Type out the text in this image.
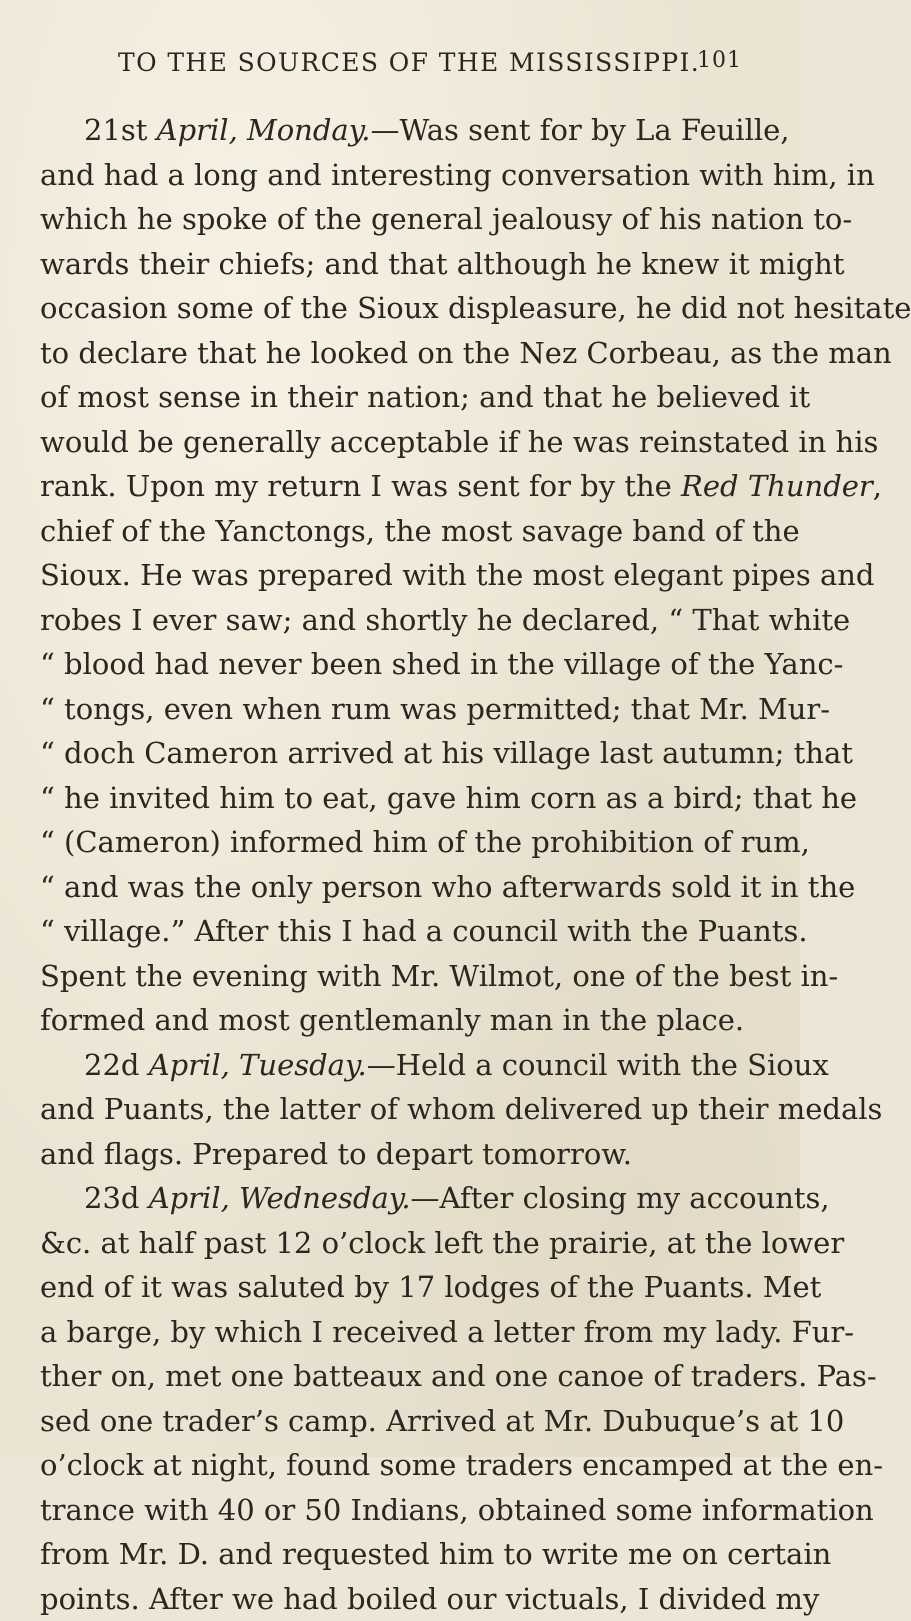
TO THE SOURCES OF THE MISSISSIPPI.
101
21st April, Monday.—Was sent for by La Feuille,
and had a long and interesting conversation with him, in
which he spoke of the general jealousy of his nation to-
wards their chiefs; and that although he knew it might
occasion some of the Sioux displeasure, he did not hesitate
to declare that he looked on the Nez Corbeau, as the man
of most sense in their nation; and that he believed it
would be generally acceptable if he was reinstated in his
rank. Upon my return I was sent for by the Red Thunder,
chief of the Yanctongs, the most savage band of the
Sioux. He was prepared with the most elegant pipes and
robes I ever saw; and shortly he declared, “ That white
“ blood had never been shed in the village of the Yanc-
“ tongs, even when rum was permitted; that Mr. Mur-
“ doch Cameron arrived at his village last autumn; that
“ he invited him to eat, gave him corn as a bird; that he
“ (Cameron) informed him of the prohibition of rum,
“ and was the only person who afterwards sold it in the
“ village.” After this I had a council with the Puants.
Spent the evening with Mr. Wilmot, one of the best in-
formed and most gentlemanly man in the place.
22d April, Tuesday.—Held a council with the Sioux
and Puants, the latter of whom delivered up their medals
and flags. Prepared to depart tomorrow.
23d April, Wednesday.—After closing my accounts,
&c. at half past 12 o’clock left the prairie, at the lower
end of it was saluted by 17 lodges of the Puants. Met
a barge, by which I received a letter from my lady. Fur-
ther on, met one batteaux and one canoe of traders. Pas-
sed one trader’s camp. Arrived at Mr. Dubuque’s at 10
o’clock at night, found some traders encamped at the en-
trance with 40 or 50 Indians, obtained some information
from Mr. D. and requested him to write me on certain
points. After we had boiled our victuals, I divided my
